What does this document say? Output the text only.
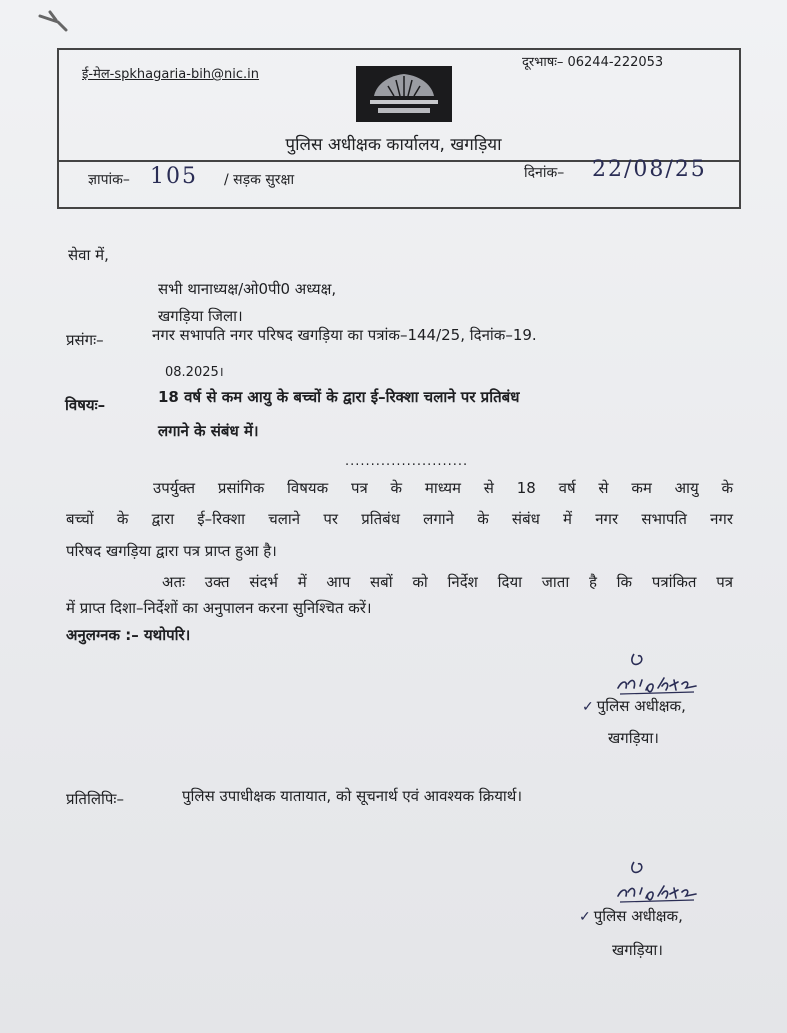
ई-मेल-spkhagaria-bih@nic.in
दूरभाषः– 06244-222053
पुलिस अधीक्षक कार्यालय, खगड़िया
ज्ञापांक– 105 / सड़क सुरक्षा	दिनांक– 22/08/25
सेवा में,
सभी थानाध्यक्ष/ओ0पी0 अध्यक्ष,
खगड़िया जिला।
प्रसंगः–	नगर सभापति नगर परिषद खगड़िया का पत्रांक–144/25, दिनांक–19.
08.2025।
विषयः–	18 वर्ष से कम आयु के बच्चों के द्वारा ई–रिक्शा चलाने पर प्रतिबंध
लगाने के संबंध में।
........................
उपर्युक्त प्रसांगिक विषयक पत्र के माध्यम से 18 वर्ष से कम आयु के
बच्चों के द्वारा ई–रिक्शा चलाने पर प्रतिबंध लगाने के संबंध में नगर सभापति नगर
परिषद खगड़िया द्वारा पत्र प्राप्त हुआ है।
अतः उक्त संदर्भ में आप सबों को निर्देश दिया जाता है कि पत्रांकित पत्र
में प्राप्त दिशा–निर्देशों का अनुपालन करना सुनिश्चित करें।
अनुलग्नक :– यथोपरि।
✓ पुलिस अधीक्षक,
खगड़िया।
प्रतिलिपिः–	पुलिस उपाधीक्षक यातायात, को सूचनार्थ एवं आवश्यक क्रियार्थ।
✓ पुलिस अधीक्षक,
खगड़िया।
